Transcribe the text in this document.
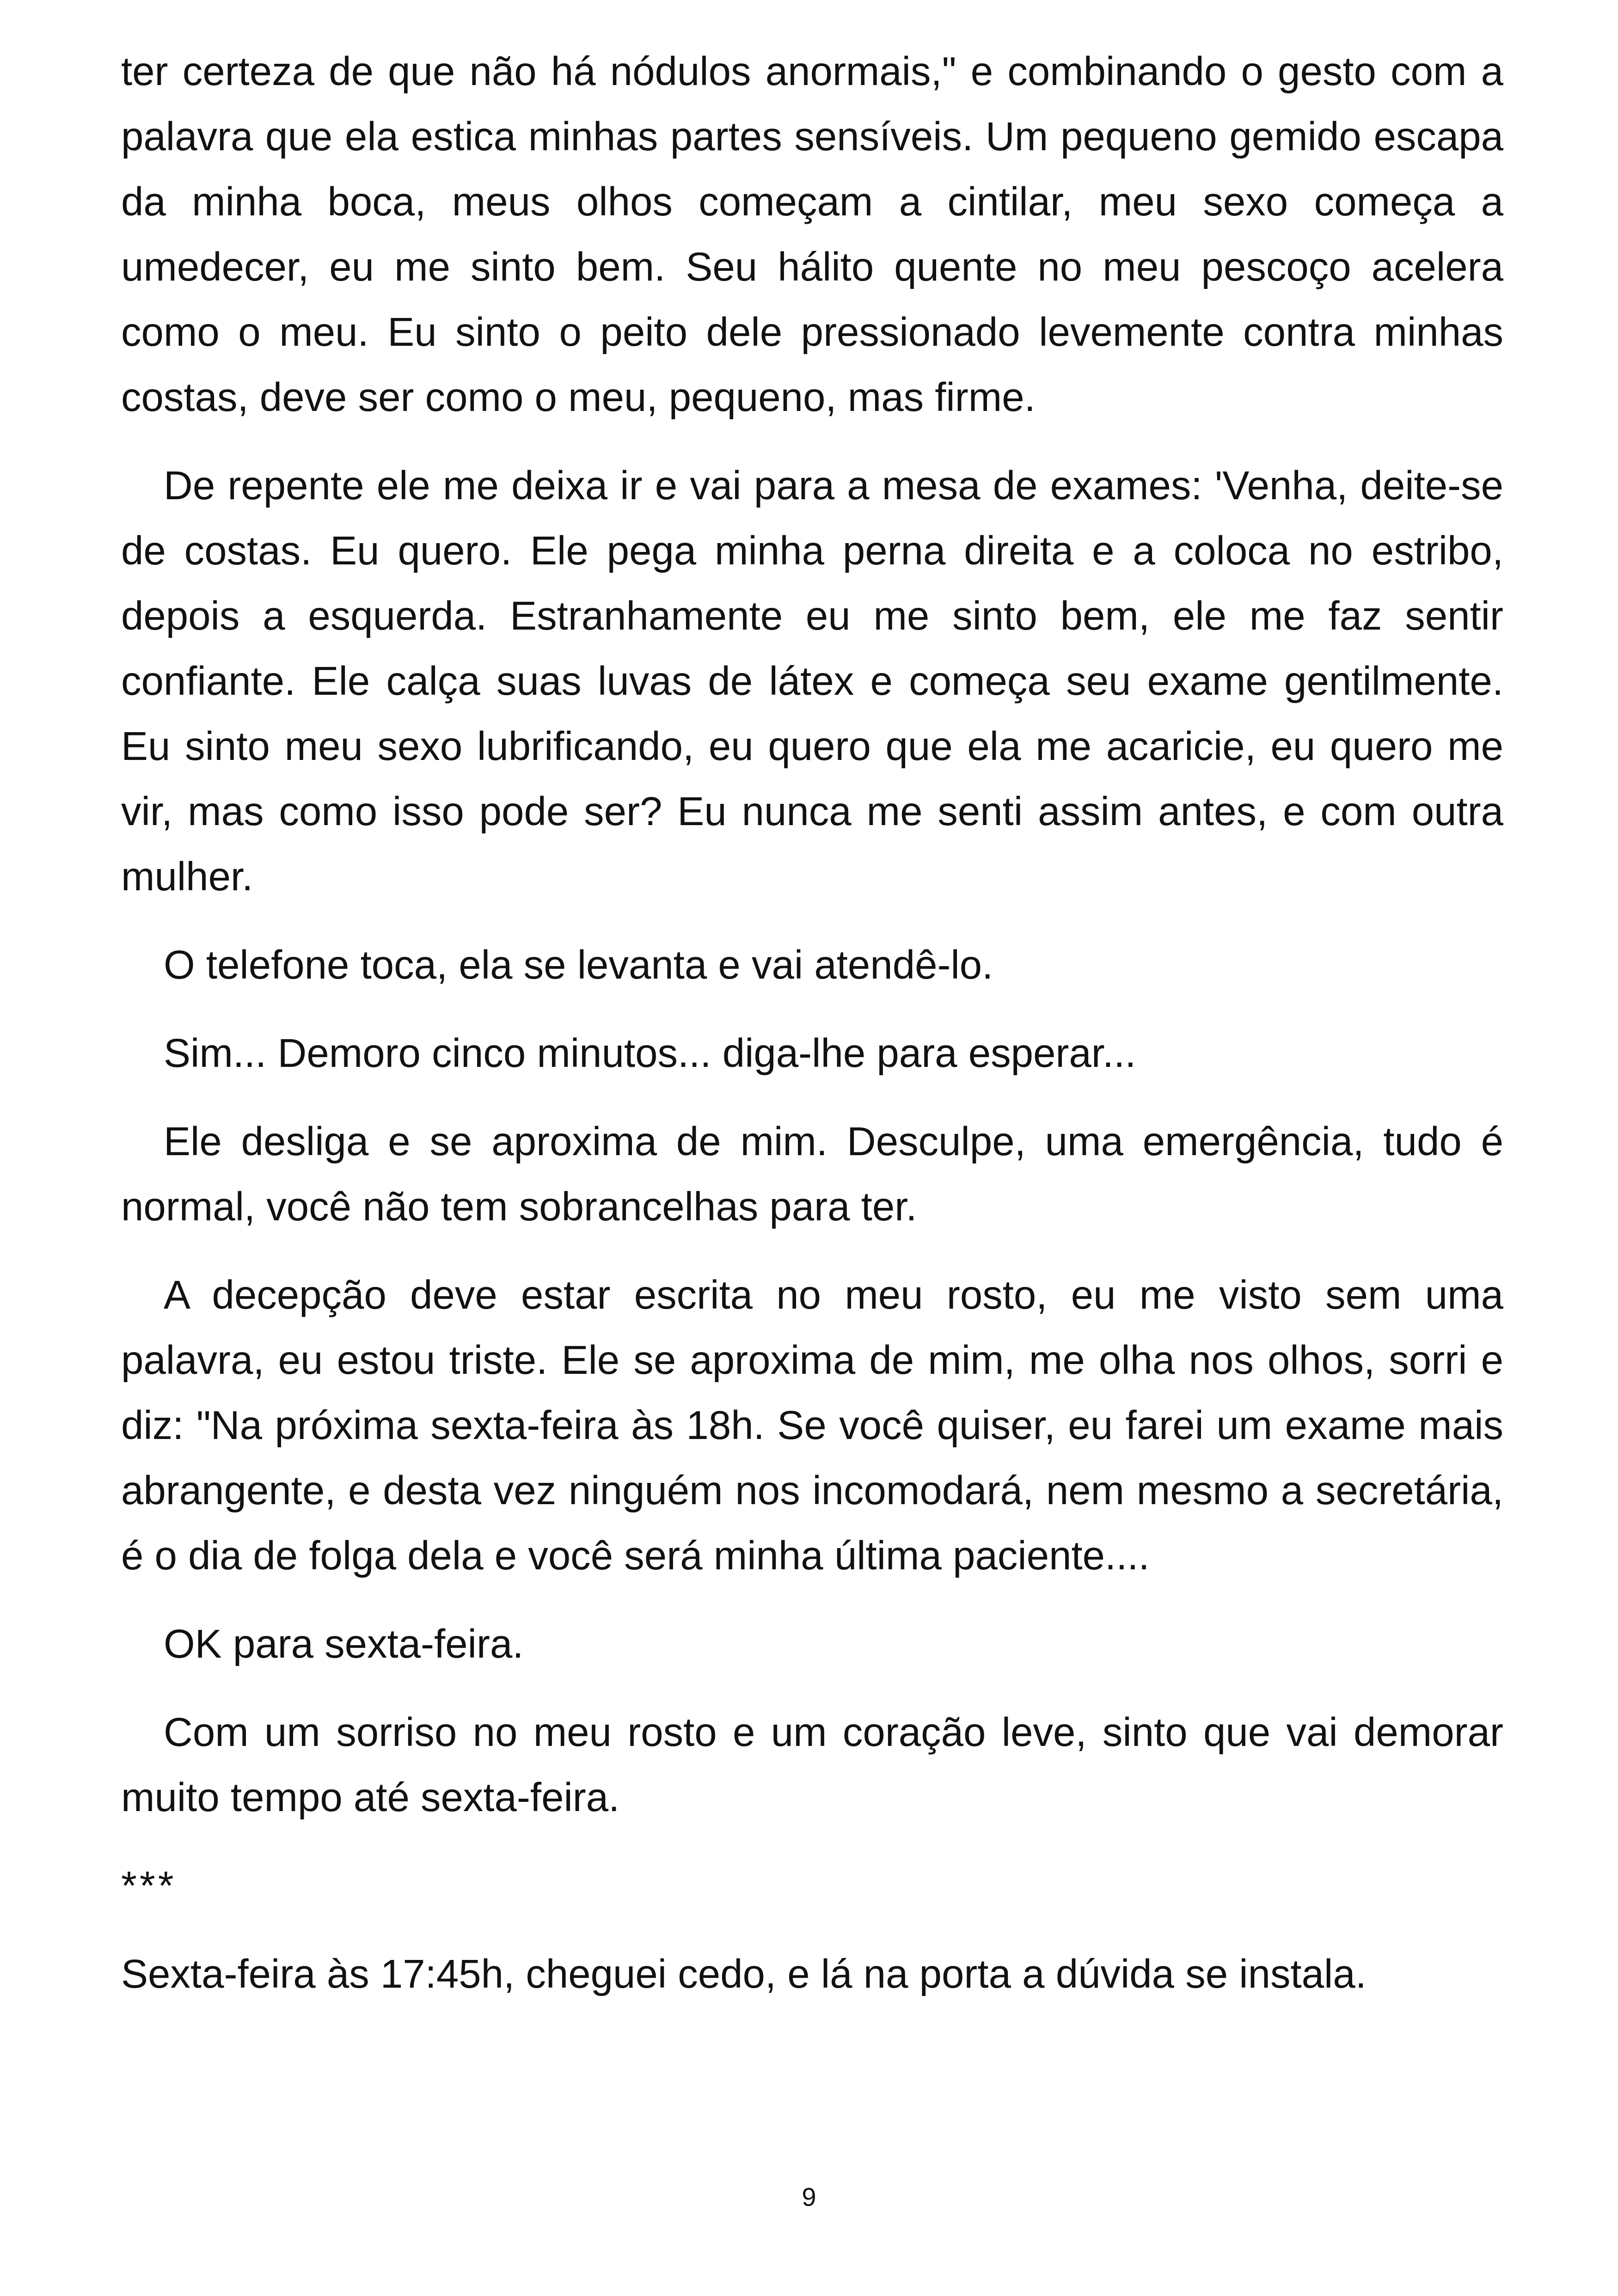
ter certeza de que não há nódulos anormais," e combinando o gesto com a palavra que ela estica minhas partes sensíveis. Um pequeno gemido escapa da minha boca, meus olhos começam a cintilar, meu sexo começa a umedecer, eu me sinto bem. Seu hálito quente no meu pescoço acelera como o meu. Eu sinto o peito dele pressionado levemente contra minhas costas, deve ser como o meu, pequeno, mas firme.

De repente ele me deixa ir e vai para a mesa de exames: 'Venha, deite-se de costas. Eu quero. Ele pega minha perna direita e a coloca no estribo, depois a esquerda. Estranhamente eu me sinto bem, ele me faz sentir confiante. Ele calça suas luvas de látex e começa seu exame gentilmente. Eu sinto meu sexo lubrificando, eu quero que ela me acaricie, eu quero me vir, mas como isso pode ser? Eu nunca me senti assim antes, e com outra mulher.

O telefone toca, ela se levanta e vai atendê-lo.

Sim... Demoro cinco minutos... diga-lhe para esperar...

Ele desliga e se aproxima de mim. Desculpe, uma emergência, tudo é normal, você não tem sobrancelhas para ter.

A decepção deve estar escrita no meu rosto, eu me visto sem uma palavra, eu estou triste. Ele se aproxima de mim, me olha nos olhos, sorri e diz: "Na próxima sexta-feira às 18h. Se você quiser, eu farei um exame mais abrangente, e desta vez ninguém nos incomodará, nem mesmo a secretária, é o dia de folga dela e você será minha última paciente....

OK para sexta-feira.

Com um sorriso no meu rosto e um coração leve, sinto que vai demorar muito tempo até sexta-feira.

***

Sexta-feira às 17:45h, cheguei cedo, e lá na porta a dúvida se instala.

9
